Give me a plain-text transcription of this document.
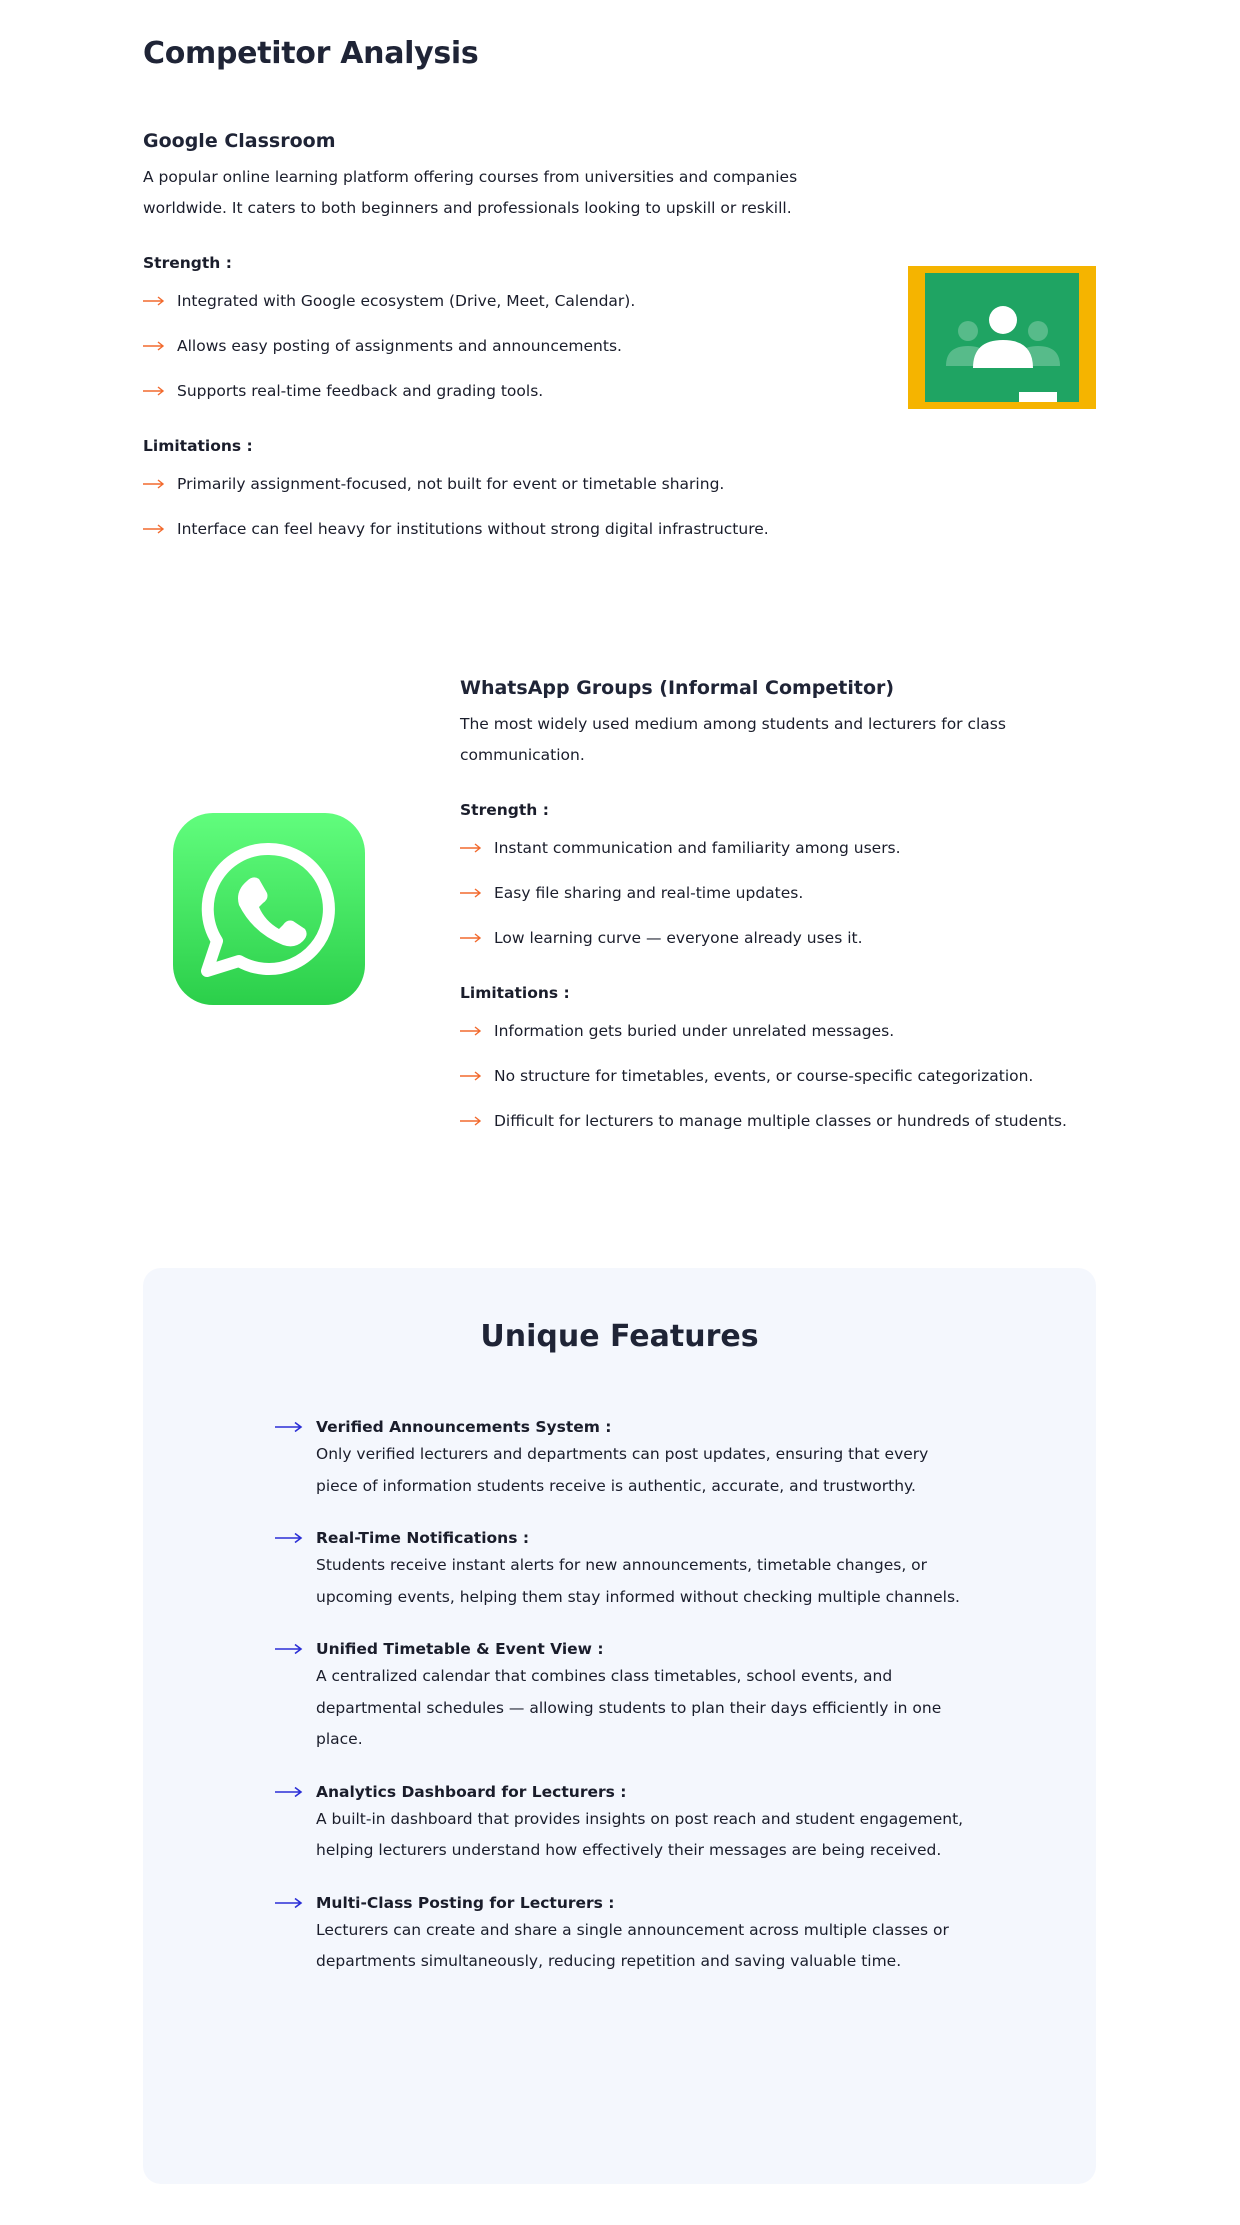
Competitor Analysis
Google Classroom

A popular online learning platform offering courses from universities and companies worldwide. It caters to both beginners and professionals looking to upskill or reskill.

Strength :
Integrated with Google ecosystem (Drive, Meet, Calendar).
Allows easy posting of assignments and announcements.
Supports real-time feedback and grading tools.
Limitations :
Primarily assignment-focused, not built for event or timetable sharing.
Interface can feel heavy for institutions without strong digital infrastructure.
WhatsApp Groups (Informal Competitor)

The most widely used medium among students and lecturers for class communication.

Strength :
Instant communication and familiarity among users.
Easy file sharing and real-time updates.
Low learning curve — everyone already uses it.
Limitations :
Information gets buried under unrelated messages.
No structure for timetables, events, or course-specific categorization.
Difficult for lecturers to manage multiple classes or hundreds of students.
Unique Features
Verified Announcements System :
Only verified lecturers and departments can post updates, ensuring that every piece of information students receive is authentic, accurate, and trustworthy.
Real-Time Notifications :
Students receive instant alerts for new announcements, timetable changes, or upcoming events, helping them stay informed without checking multiple channels.
Unified Timetable & Event View :
A centralized calendar that combines class timetables, school events, and departmental schedules — allowing students to plan their days efficiently in one place.
Analytics Dashboard for Lecturers :
A built-in dashboard that provides insights on post reach and student engagement, helping lecturers understand how effectively their messages are being received.
Multi-Class Posting for Lecturers :
Lecturers can create and share a single announcement across multiple classes or departments simultaneously, reducing repetition and saving valuable time.
